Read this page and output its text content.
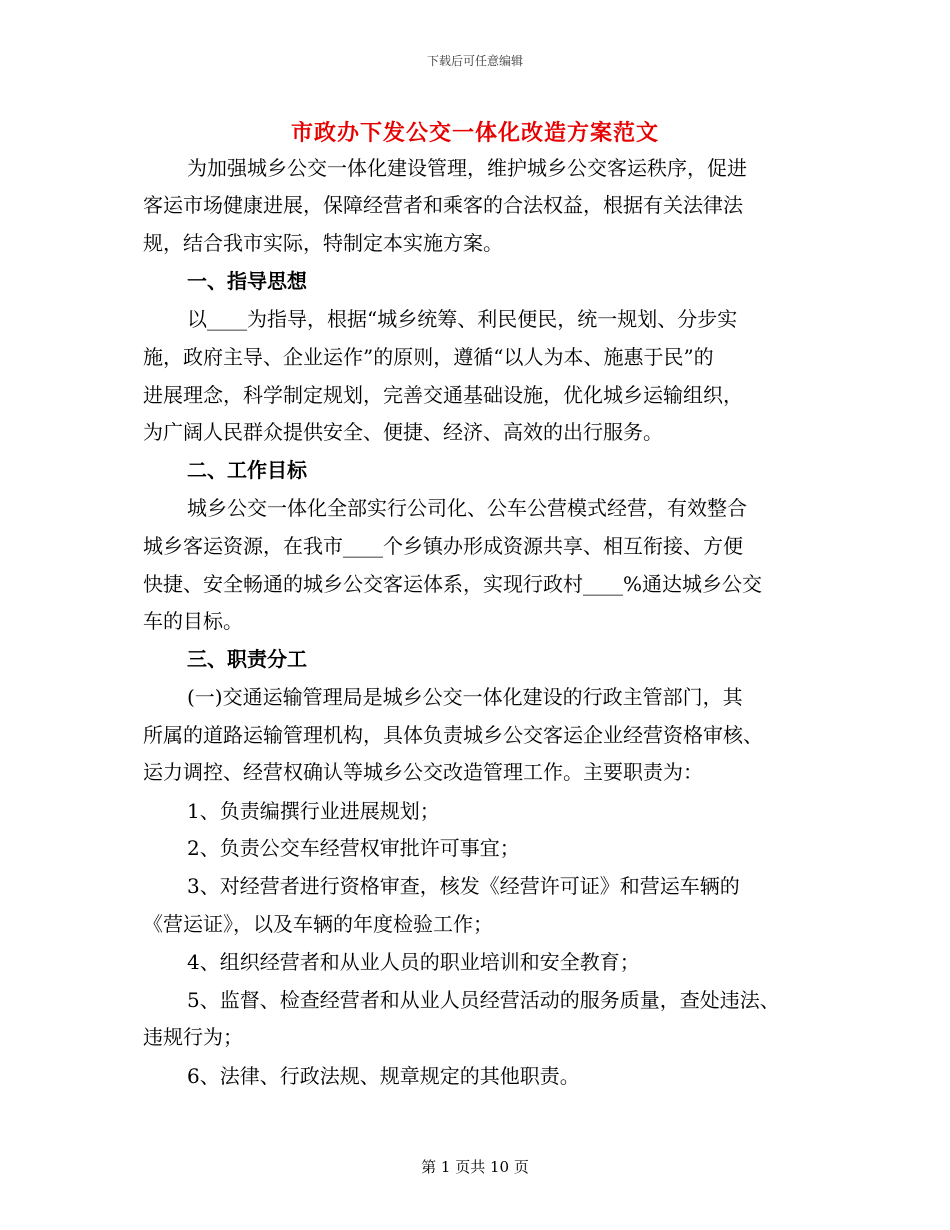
下载后可任意编辑
市政办下发公交一体化改造方案范文
为加强城乡公交一体化建设管理，维护城乡公交客运秩序，促进
客运市场健康进展，保障经营者和乘客的合法权益，根据有关法律法
规，结合我市实际，特制定本实施方案。
一、指导思想
以____为指导，根据“城乡统筹、利民便民，统一规划、分步实
施，政府主导、企业运作”的原则，遵循“以人为本、施惠于民”的
进展理念，科学制定规划，完善交通基础设施，优化城乡运输组织，
为广阔人民群众提供安全、便捷、经济、高效的出行服务。
二、工作目标
城乡公交一体化全部实行公司化、公车公营模式经营，有效整合
城乡客运资源，在我市____个乡镇办形成资源共享、相互衔接、方便
快捷、安全畅通的城乡公交客运体系，实现行政村____%通达城乡公交
车的目标。
三、职责分工
(一)交通运输管理局是城乡公交一体化建设的行政主管部门，其
所属的道路运输管理机构，具体负责城乡公交客运企业经营资格审核、
运力调控、经营权确认等城乡公交改造管理工作。主要职责为：
1、负责编撰行业进展规划；
2、负责公交车经营权审批许可事宜；
3、对经营者进行资格审查，核发《经营许可证》和营运车辆的
《营运证》，以及车辆的年度检验工作；
4、组织经营者和从业人员的职业培训和安全教育；
5、监督、检查经营者和从业人员经营活动的服务质量，查处违法、
违规行为；
6、法律、行政法规、规章规定的其他职责。
第 1 页共 10 页
